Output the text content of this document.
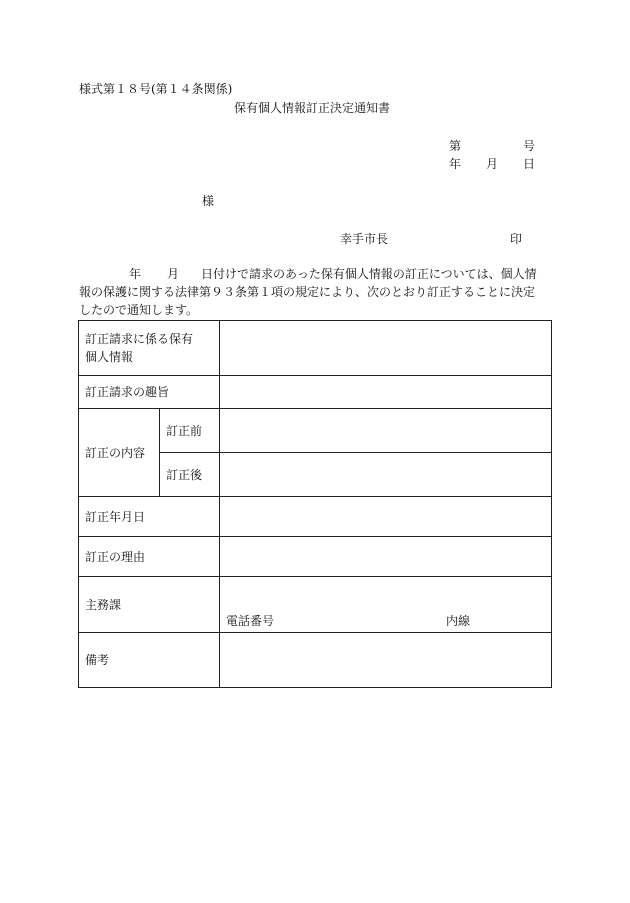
様式第１８号(第１４条関係)
保有個人情報訂正決定通知書
第	号
年 月 日
様
幸手市長	印
年 月 日付けで請求のあった保有個人情報の訂正については、個人情
報の保護に関する法律第９３条第１項の規定により、次のとおり訂正することに決定
したので通知します。
訂正請求に係る保有個人情報		

訂正請求の趣旨		
訂正の内容	訂正前	
	訂正後	
訂正年月日		
訂正の理由		
主務課		電話番号 内線

備考		
